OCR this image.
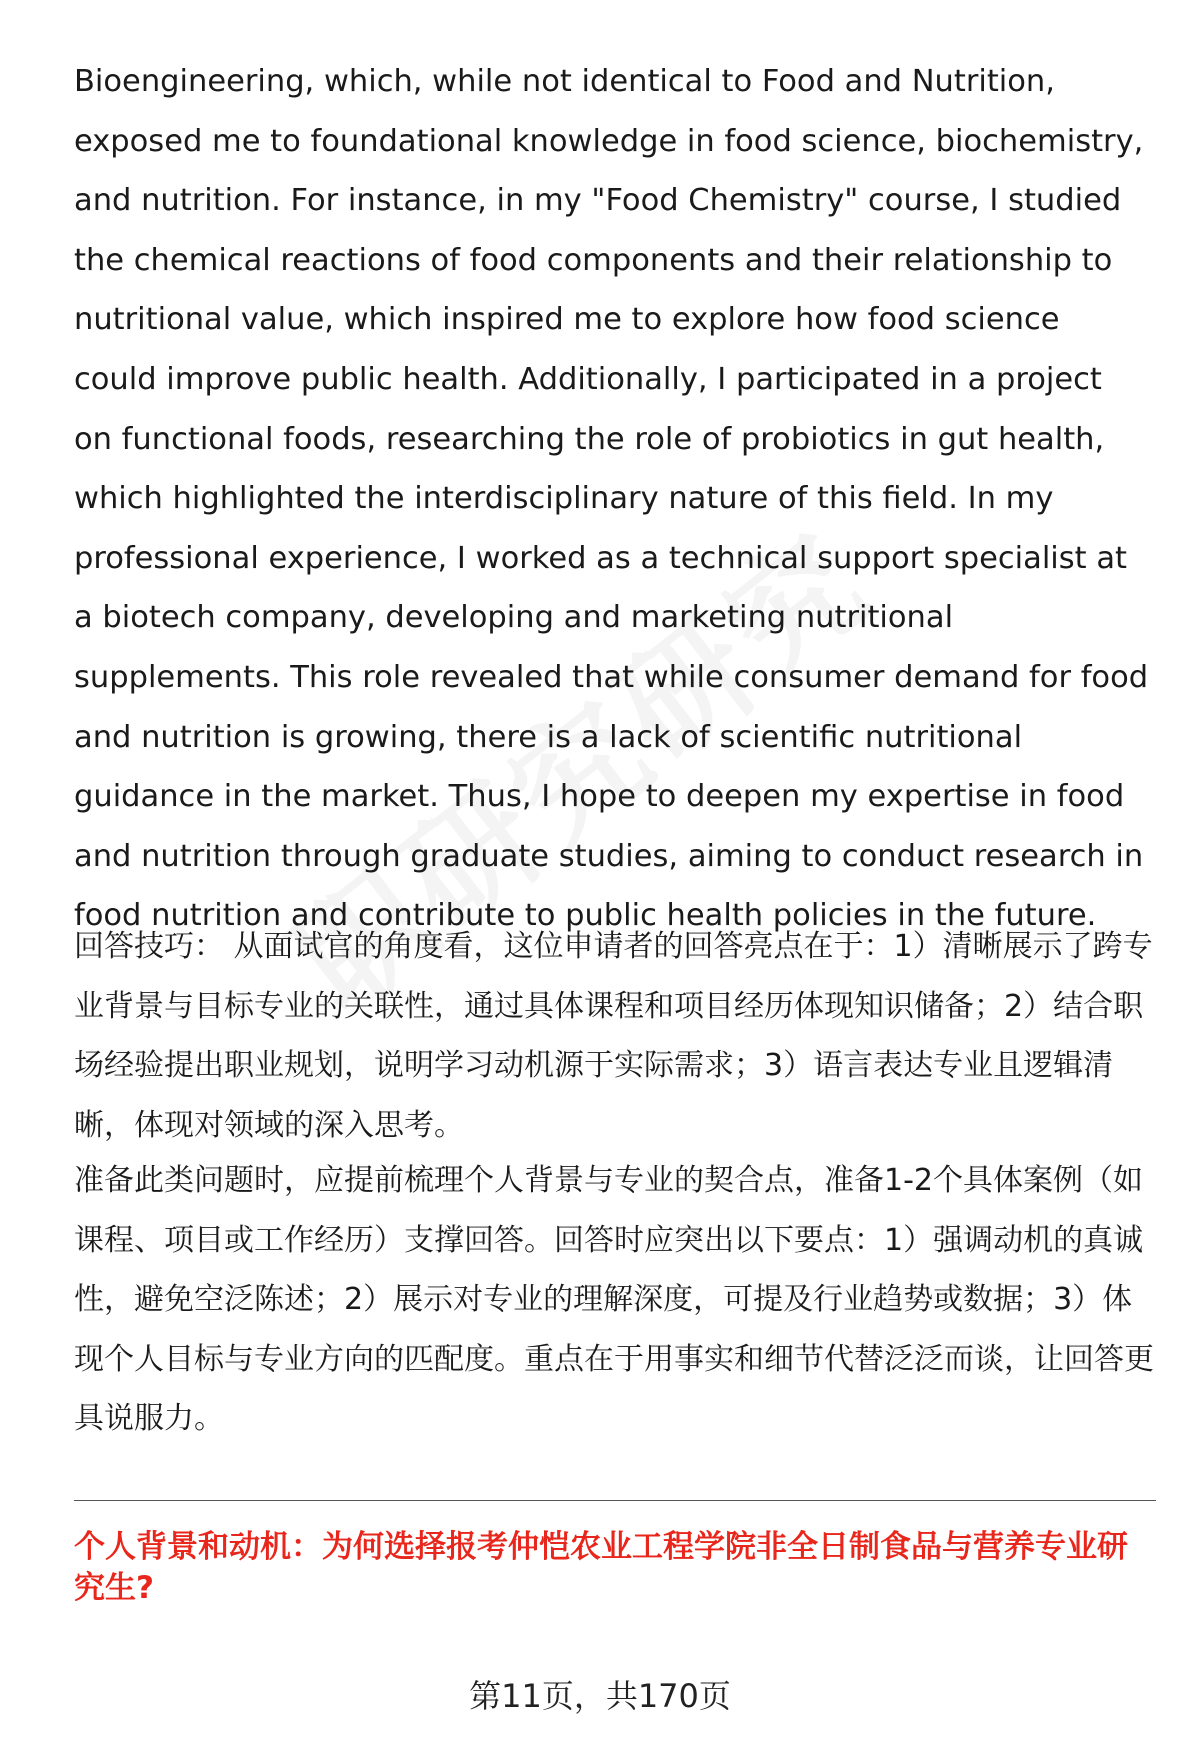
Bioengineering, which, while not identical to Food and Nutrition, exposed me to foundational knowledge in food science, biochemistry, and nutrition. For instance, in my "Food Chemistry" course, I studied the chemical reactions of food components and their relationship to nutritional value, which inspired me to explore how food science could improve public health. Additionally, I participated in a project on functional foods, researching the role of probiotics in gut health, which highlighted the interdisciplinary nature of this field. In my professional experience, I worked as a technical support specialist at a biotech company, developing and marketing nutritional supplements. This role revealed that while consumer demand for food and nutrition is growing, there is a lack of scientific nutritional guidance in the market. Thus, I hope to deepen my expertise in food and nutrition through graduate studies, aiming to conduct research in food nutrition and contribute to public health policies in the future.

回答技巧： 从面试官的角度看，这位申请者的回答亮点在于：1）清晰展示了跨专业背景与目标专业的关联性，通过具体课程和项目经历体现知识储备；2）结合职场经验提出职业规划，说明学习动机源于实际需求；3）语言表达专业且逻辑清晰，体现对领域的深入思考。

准备此类问题时，应提前梳理个人背景与专业的契合点，准备1-2个具体案例（如课程、项目或工作经历）支撑回答。回答时应突出以下要点：1）强调动机的真诚性，避免空泛陈述；2）展示对专业的理解深度，可提及行业趋势或数据；3）体现个人目标与专业方向的匹配度。重点在于用事实和细节代替泛泛而谈，让回答更具说服力。

个人背景和动机：为何选择报考仲恺农业工程学院非全日制食品与营养专业研究生?

第11页，共170页
